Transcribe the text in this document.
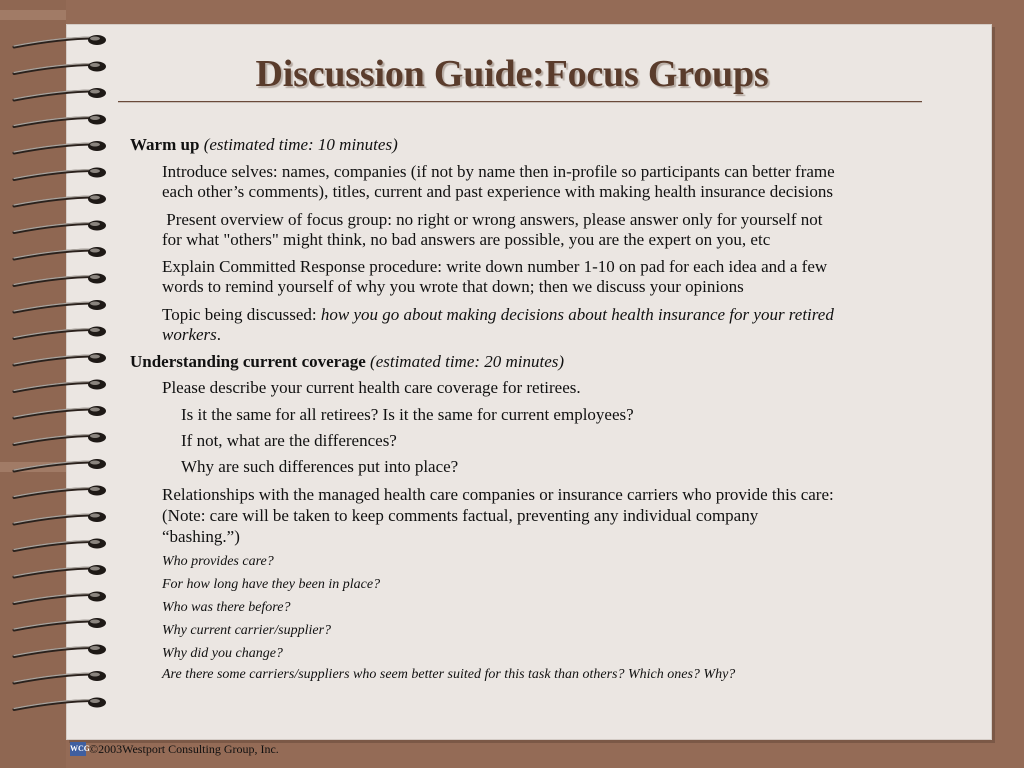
Discussion Guide:Focus Groups
Warm up (estimated time: 10 minutes)
Introduce selves: names, companies (if not by name then in-profile so participants can better frame
each other’s comments), titles, current and past experience with making health insurance decisions
Present overview of focus group: no right or wrong answers, please answer only for yourself not
for what "others" might think, no bad answers are possible, you are the expert on you, etc
Explain Committed Response procedure: write down number 1-10 on pad for each idea and a few
words to remind yourself of why you wrote that down; then we discuss your opinions
Topic being discussed: how you go about making decisions about health insurance for your retired
workers.
Understanding current coverage (estimated time: 20 minutes)
Please describe your current health care coverage for retirees.
Is it the same for all retirees? Is it the same for current employees?
If not, what are the differences?
Why are such differences put into place?
Relationships with the managed health care companies or insurance carriers who provide this care:
(Note: care will be taken to keep comments factual, preventing any individual company
“bashing.”)
Who provides care?
For how long have they been in place?
Who was there before?
Why current carrier/supplier?
Why did you change?
Are there some carriers/suppliers who seem better suited for this task than others? Which ones? Why?
WCG ©2003Westport Consulting Group, Inc.
